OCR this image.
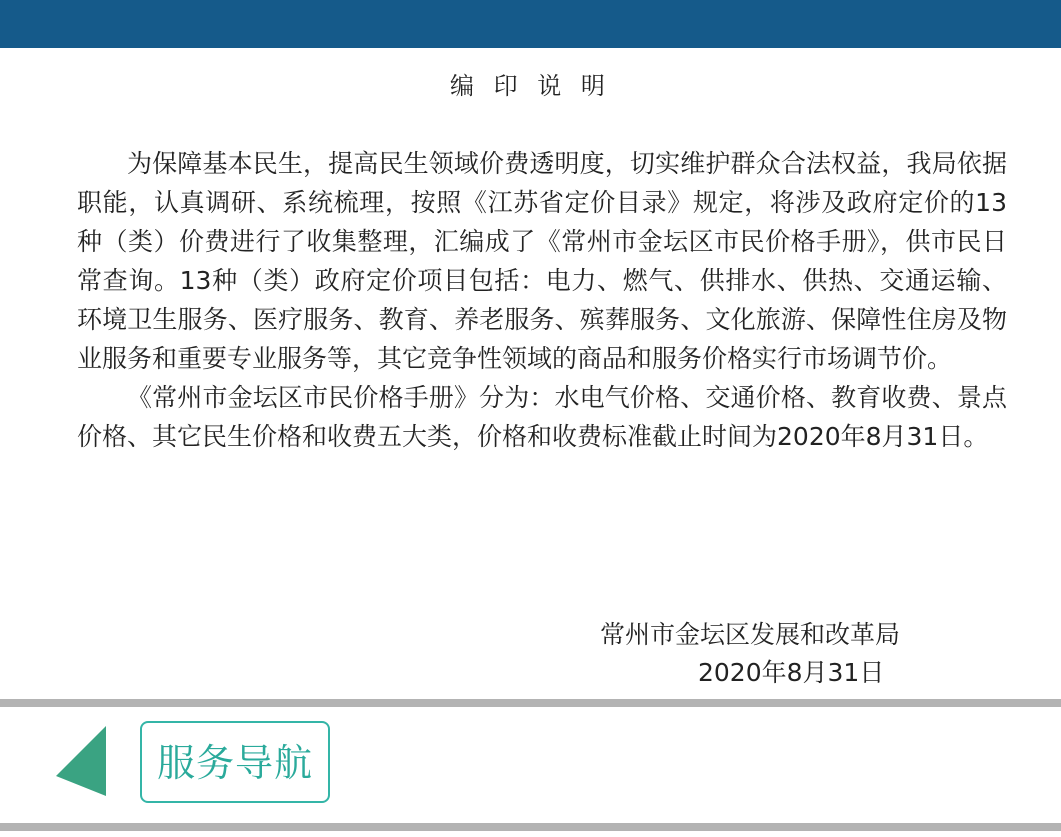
编 印 说 明

为保障基本民生，提高民生领域价费透明度，切实维护群众合法权益，我局依据职能，认真调研、系统梳理，按照《江苏省定价目录》规定，将涉及政府定价的13 种（类）价费进行了收集整理，汇编成了《常州市金坛区市民价格手册》，供市民日常查询。13种（类）政府定价项目包括：电力、燃气、供排水、供热、交通运输、环境卫生服务、医疗服务、教育、养老服务、殡葬服务、文化旅游、保障性住房及物业服务和重要专业服务等，其它竞争性领域的商品和服务价格实行市场调节价。

《常州市金坛区市民价格手册》分为：水电气价格、交通价格、教育收费、景点价格、其它民生价格和收费五大类，价格和收费标准截止时间为2020年8月31日。

常州市金坛区发展和改革局
2020年8月31日
服务导航
